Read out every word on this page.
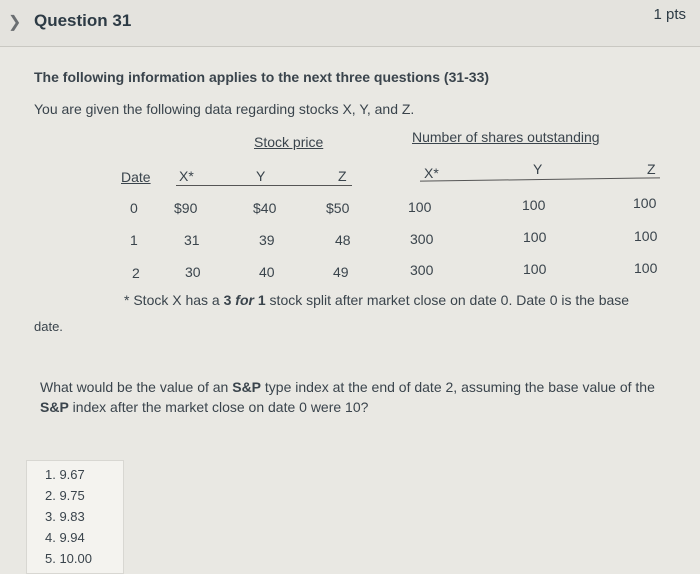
❯ Question 31	1 pts
The following information applies to the next three questions (31-33)
You are given the following data regarding stocks X, Y, and Z.
Stock price	Number of shares outstanding
Date X*	Y	Z	X*	Y	Z
0	$90	$40	$50	100	100	100
1	31	39	48	300	100	100
2	30	40	49	300	100	100
* Stock X has a 3 for 1 stock split after market close on date 0. Date 0 is the base
date.
What would be the value of an S&P type index at the end of date 2, assuming the base value of the S&P index after the market close on date 0 were 10?
1. 9.67
2. 9.75
3. 9.83
4. 9.94
5. 10.00
